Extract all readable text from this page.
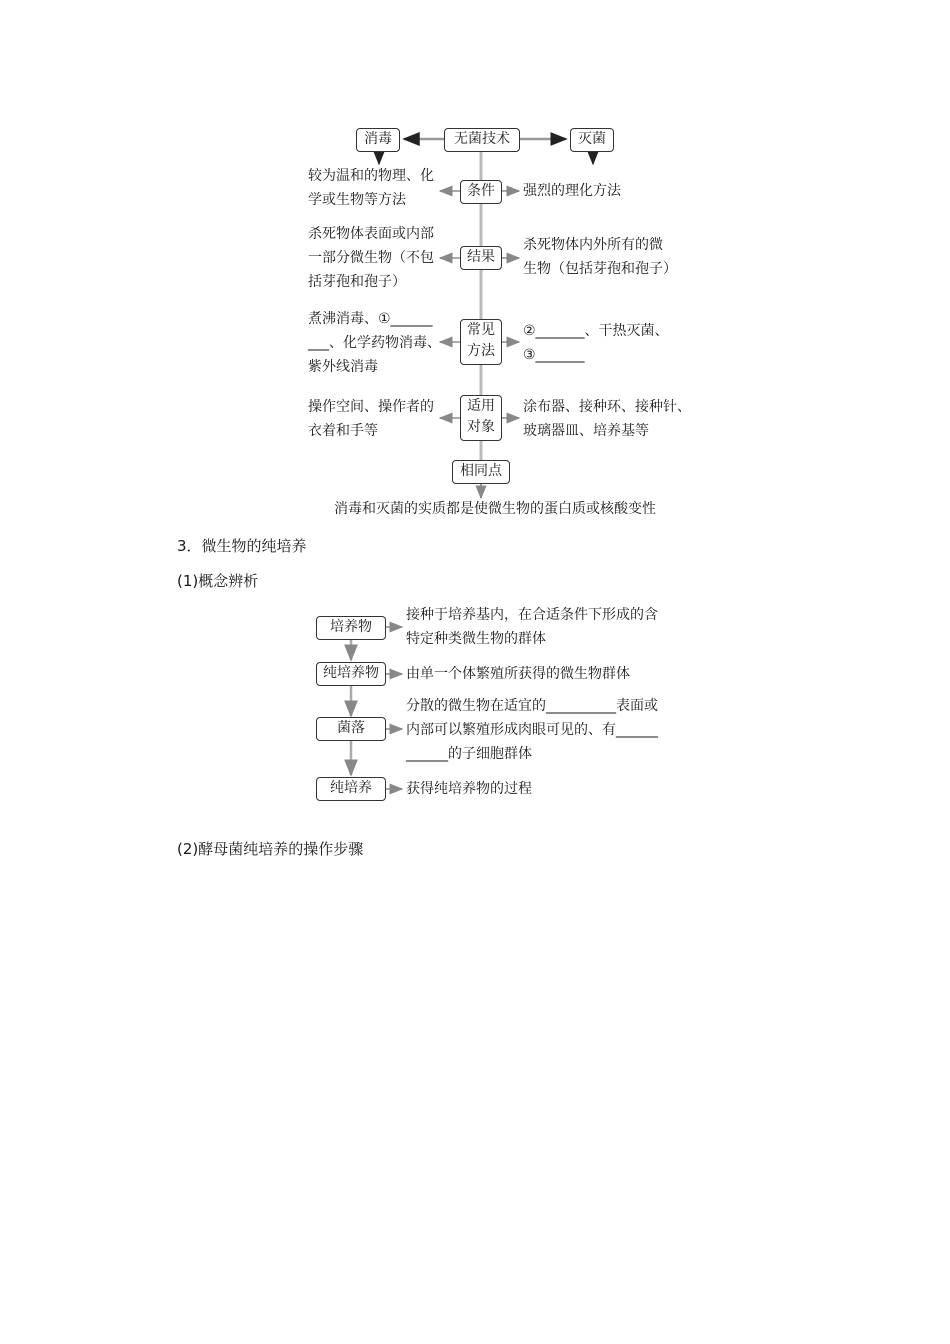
消毒	无菌技术	灭菌
较为温和的物理、化
学或生物等方法
条件	强烈的理化方法
杀死物体表面或内部
一部分微生物（不包
括芽孢和孢子）
结果
杀死物体内外所有的微
生物（包括芽孢和孢子）
煮沸消毒、①______
___、化学药物消毒、
紫外线消毒
常见
方法
②_______、干热灭菌、
③_______
操作空间、操作者的
衣着和手等
适用
对象
涂布器、接种环、接种针、
玻璃器皿、培养基等
相同点
消毒和灭菌的实质都是使微生物的蛋白质或核酸变性
3．微生物的纯培养
(1)概念辨析
培养物
接种于培养基内，在合适条件下形成的含
特定种类微生物的群体
纯培养物	由单一个体繁殖所获得的微生物群体
菌落
分散的微生物在适宜的__________表面或
内部可以繁殖形成肉眼可见的、有______
______的子细胞群体
纯培养	获得纯培养物的过程
(2)酵母菌纯培养的操作步骤
